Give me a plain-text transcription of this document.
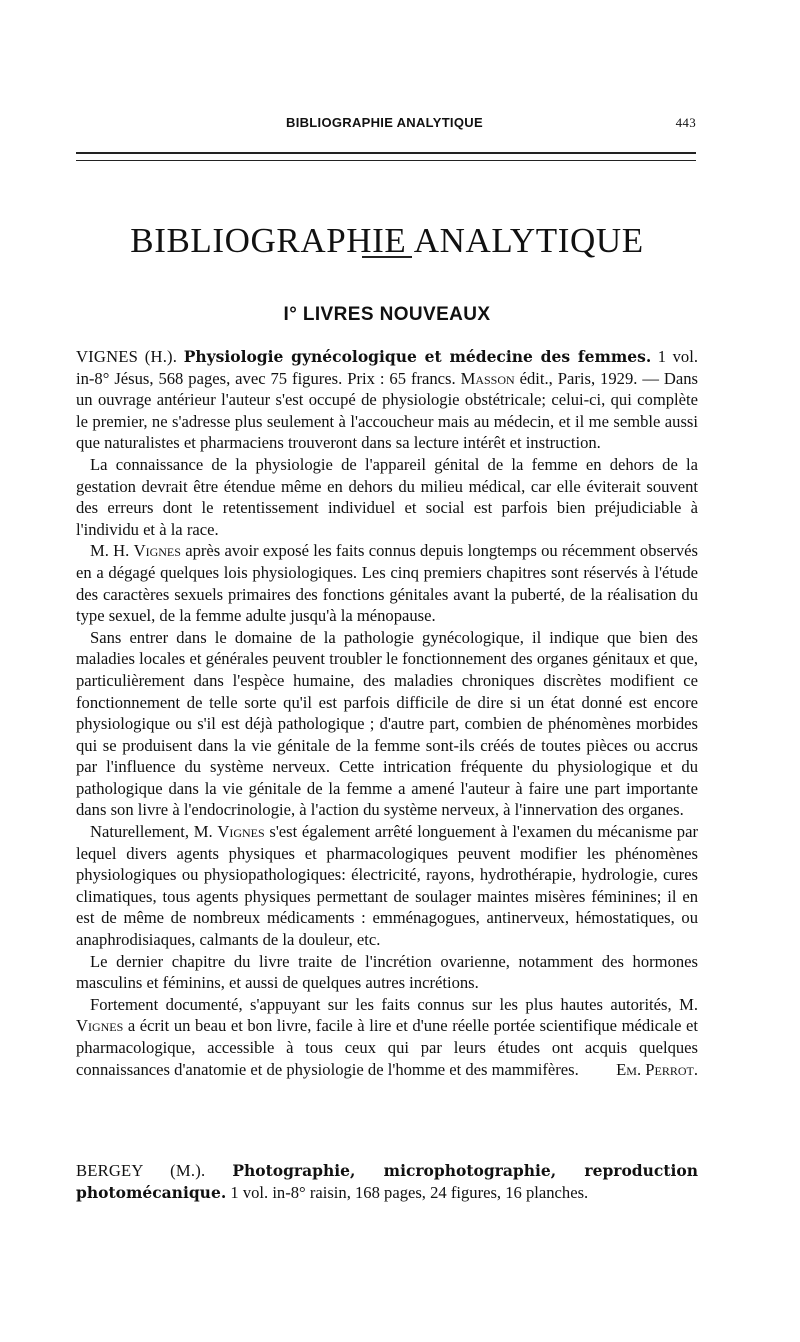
BIBLIOGRAPHIE ANALYTIQUE	443
BIBLIOGRAPHIE ANALYTIQUE
I° LIVRES NOUVEAUX

VIGNES (H.). Physiologie gynécologique et médecine des femmes. 1 vol. in-8° Jésus, 568 pages, avec 75 figures. Prix : 65 francs. Masson édit., Paris, 1929. — Dans un ouvrage antérieur l'auteur s'est occupé de physiologie obstétricale; celui-ci, qui complète le premier, ne s'adresse plus seulement à l'accoucheur mais au médecin, et il me semble aussi que naturalistes et pharmaciens trouveront dans sa lecture intérêt et instruction.

La connaissance de la physiologie de l'appareil génital de la femme en dehors de la gestation devrait être étendue même en dehors du milieu médical, car elle éviterait souvent des erreurs dont le retentissement individuel et social est parfois bien préjudiciable à l'individu et à la race.

M. H. Vignes après avoir exposé les faits connus depuis longtemps ou récemment observés en a dégagé quelques lois physiologiques. Les cinq premiers chapitres sont réservés à l'étude des caractères sexuels primaires des fonctions génitales avant la puberté, de la réalisation du type sexuel, de la femme adulte jusqu'à la ménopause.

Sans entrer dans le domaine de la pathologie gynécologique, il indique que bien des maladies locales et générales peuvent troubler le fonctionnement des organes génitaux et que, particulièrement dans l'espèce humaine, des maladies chroniques discrètes modifient ce fonctionnement de telle sorte qu'il est parfois difficile de dire si un état donné est encore physiologique ou s'il est déjà pathologique ; d'autre part, combien de phénomènes morbides qui se produisent dans la vie génitale de la femme sont-ils créés de toutes pièces ou accrus par l'influence du système nerveux. Cette intrication fréquente du physiologique et du pathologique dans la vie génitale de la femme a amené l'auteur à faire une part importante dans son livre à l'endocrinologie, à l'action du système nerveux, à l'innervation des organes.

Naturellement, M. Vignes s'est également arrêté longuement à l'examen du mécanisme par lequel divers agents physiques et pharmacologiques peuvent modifier les phénomènes physiologiques ou physiopathologiques: électricité, rayons, hydrothérapie, hydrologie, cures climatiques, tous agents physiques permettant de soulager maintes misères féminines; il en est de même de nombreux médicaments : emménagogues, antinerveux, hémostatiques, ou anaphrodisiaques, calmants de la douleur, etc.

Le dernier chapitre du livre traite de l'incrétion ovarienne, notamment des hormones masculins et féminins, et aussi de quelques autres incrétions.

Fortement documenté, s'appuyant sur les faits connus sur les plus hautes autorités, M. Vignes a écrit un beau et bon livre, facile à lire et d'une réelle portée scientifique médicale et pharmacologique, accessible à tous ceux qui par leurs études ont acquis quelques connaissances d'anatomie et de physiologie de l'homme et des mammifères.	Em. Perrot.

BERGEY (M.). Photographie, microphotographie, reproduction photomécanique. 1 vol. in-8° raisin, 168 pages, 24 figures, 16 planches.
